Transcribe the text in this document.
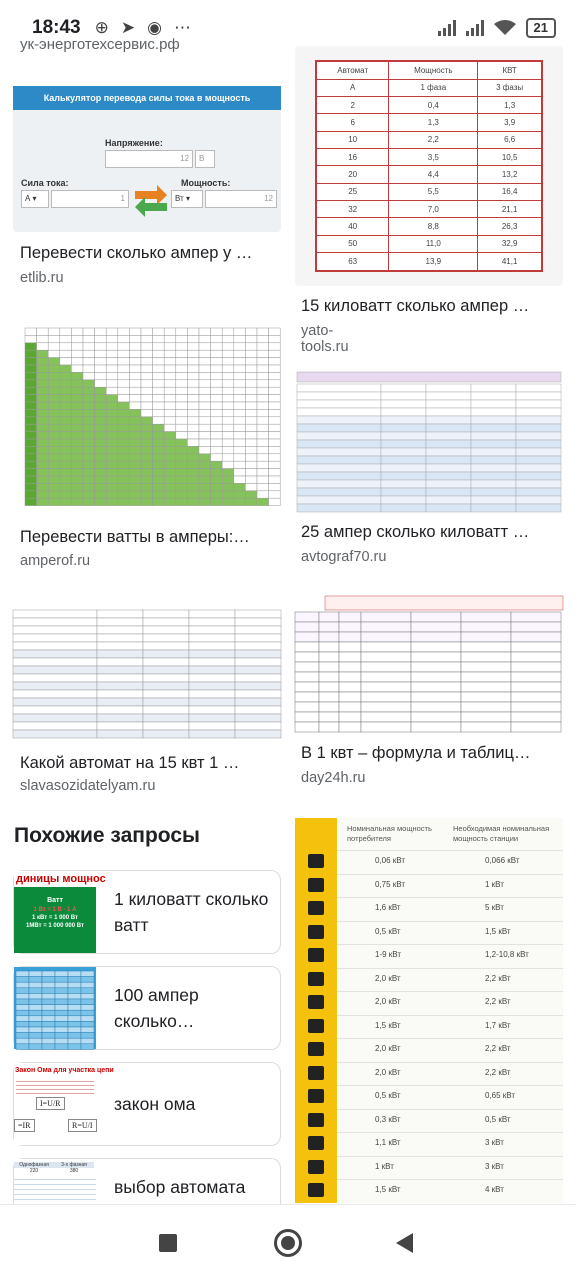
18:43 ⊕ ➤ ◉ ⋯	21
ук-энерготехсервис.рф
Калькулятор перевода силы тока в мощность
Напряжение:
12	В
Сила тока:
А ▾	1
Мощность:
Вт ▾	12
Перевести сколько ампер у …
etlib.ru
Автомат	Мощность	КВТ
А	1 фаза	3 фазы
2	0,4	1,3
6	1,3	3,9
10	2,2	6,6
16	3,5	10,5
20	4,4	13,2
25	5,5	16,4
32	7,0	21,1
40	8,8	26,3
50	11,0	32,9
63	13,9	41,1
15 киловатт сколько ампер …
yato-tools.ru
Перевести ватты в амперы:…
amperof.ru
25 ампер сколько киловатт …
avtograf70.ru
Какой автомат на 15 квт 1 …
slavasozidatelyam.ru
В 1 квт – формула и таблиц…
day24h.ru
Похожие запросы
диницы мощнос
Ватт
1 Вт = 1 В · 1 А
1 кВт = 1 000 Вт
1МВт = 1 000 000 Вт
1 киловатт сколько ватт
100 ампер сколько…
Закон Ома для участка цепи
I=U/R
R=U/I
=IR
закон ома
Однофазная	3-х фазная
220	380
выбор автомата
Номинальная мощность потребителя
Необходимая номинальная мощность станции
0,06 кВт	0,066 кВт
0,75 кВт	1 кВт
1,6 кВт	5 кВт
0,5 кВт	1,5 кВт
1-9 кВт	1,2-10,8 кВт
2,0 кВт	2,2 кВт
2,0 кВт	2,2 кВт
1,5 кВт	1,7 кВт
2,0 кВт	2,2 кВт
2,0 кВт	2,2 кВт
0,5 кВт	0,65 кВт
0,3 кВт	0,5 кВт
1,1 кВт	3 кВт
1 кВт	3 кВт
1,5 кВт	4 кВт
